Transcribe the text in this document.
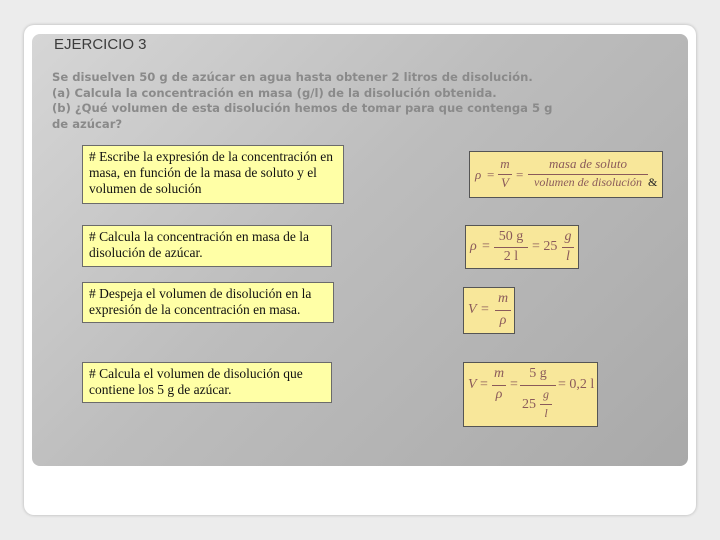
EJERCICIO 3
Se disuelven 50 g de azúcar en agua hasta obtener 2 litros de disolución.
(a) Calcula la concentración en masa (g/l) de la disolución obtenida.
(b) ¿Qué volumen de esta disolución hemos de tomar para que contenga 5 g
de azúcar?
# Escribe la expresión de la concentración en masa, en función de la masa de soluto y el volumen de solución
# Calcula la concentración en masa de la disolución de azúcar.
# Despeja el volumen de disolución en la expresión de la concentración en masa.
# Calcula el volumen de disolución que contiene los 5 g de azúcar.
ρ =
m
V
=
masa de soluto
volumen de disolución &
ρ =
50 g
2 l
= 25
g
l
V =
m
ρ
V =
m
ρ
=
5 g
25
g
l
= 0,2 l
